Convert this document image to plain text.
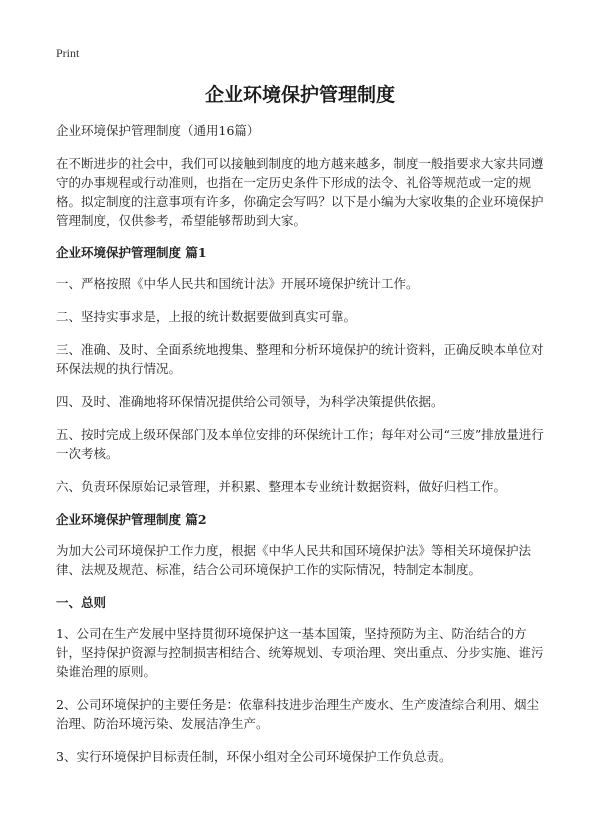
Print
企业环境保护管理制度

企业环境保护管理制度（通用16篇）

在不断进步的社会中，我们可以接触到制度的地方越来越多，制度一般指要求大家共同遵守的办事规程或行动准则，也指在一定历史条件下形成的法令、礼俗等规范或一定的规格。拟定制度的注意事项有许多，你确定会写吗？以下是小编为大家收集的企业环境保护管理制度，仅供参考，希望能够帮助到大家。

企业环境保护管理制度 篇1

一、严格按照《中华人民共和国统计法》开展环境保护统计工作。

二、坚持实事求是，上报的统计数据要做到真实可靠。

三、准确、及时、全面系统地搜集、整理和分析环境保护的统计资料，正确反映本单位对环保法规的执行情况。

四、及时、准确地将环保情况提供给公司领导，为科学决策提供依据。

五、按时完成上级环保部门及本单位安排的环保统计工作；每年对公司“三废”排放量进行一次考核。

六、负责环保原始记录管理，并积累、整理本专业统计数据资料，做好归档工作。

企业环境保护管理制度 篇2

为加大公司环境保护工作力度，根据《中华人民共和国环境保护法》等相关环境保护法律、法规及规范、标准，结合公司环境保护工作的实际情况，特制定本制度。

一、总则

1、公司在生产发展中坚持贯彻环境保护这一基本国策，坚持预防为主、防治结合的方针，坚持保护资源与控制损害相结合、统筹规划、专项治理、突出重点、分步实施、谁污染谁治理的原则。

2、公司环境保护的主要任务是：依靠科技进步治理生产废水、生产废渣综合利用、烟尘治理、防治环境污染、发展洁净生产。

3、实行环境保护目标责任制，环保小组对全公司环境保护工作负总责。
